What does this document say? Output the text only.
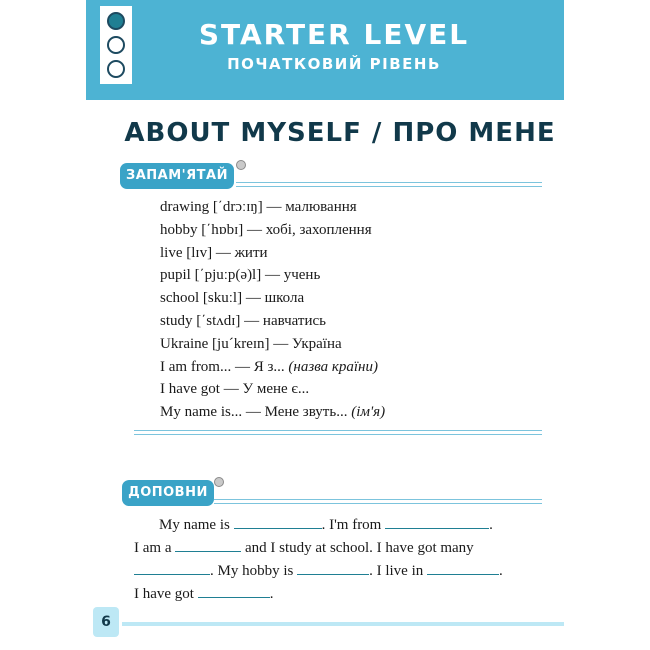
STARTER LEVEL
ПОЧАТКОВИЙ РІВЕНЬ
ABOUT MYSELF / ПРО МЕНЕ
ЗАПАМ'ЯТАЙ
drawing [΄drɔːɪŋ] — малювання
hobby [΄hɒbɪ] — хобі, захоплення
live [lɪv] — жити
pupil [΄pjuːp(ə)l] — учень
school [skuːl] — школа
study [΄stʌdɪ] — навчатись
Ukraine [juˊkreɪn] — Україна
I am from... — Я з... (назва країни)
I have got — У мене є...
My name is... — Мене звуть... (ім'я)
ДОПОВНИ
My name is	. I'm from	.
I am a	and I study at school. I have got many
. My hobby is	. I live in	.
I have got	.
6
